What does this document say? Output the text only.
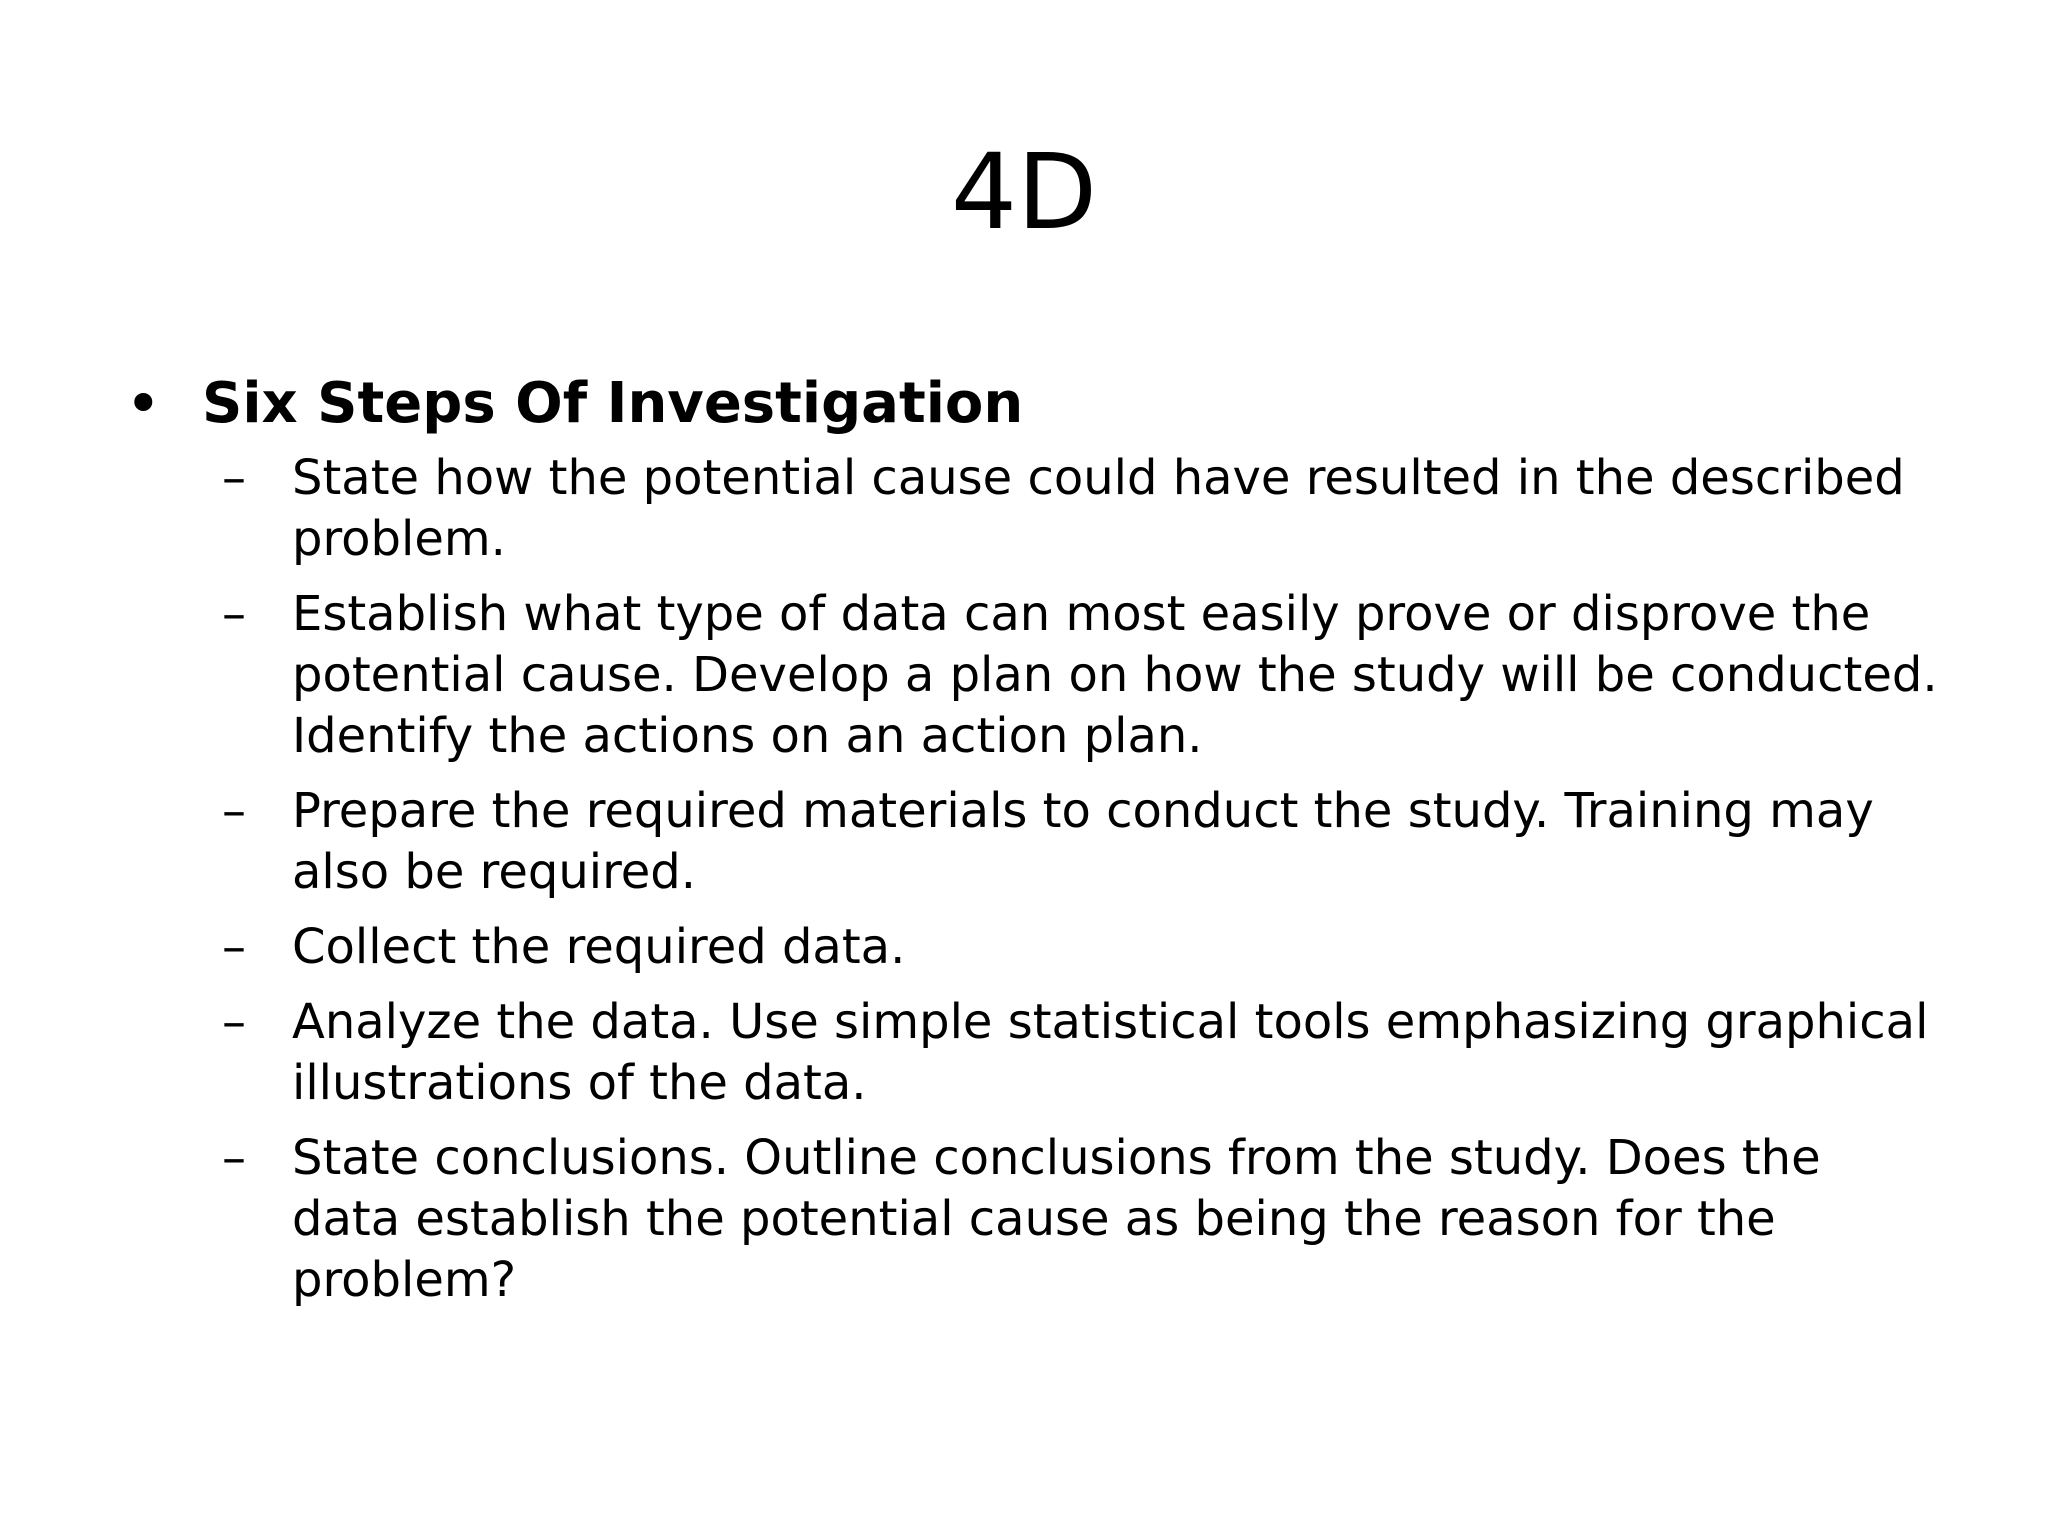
4D
• Six Steps Of Investigation
– State how the potential cause could have resulted in the described problem.
– Establish what type of data can most easily prove or disprove the potential cause. Develop a plan on how the study will be conducted. Identify the actions on an action plan.
– Prepare the required materials to conduct the study. Training may also be required.
– Collect the required data.
– Analyze the data. Use simple statistical tools emphasizing graphical illustrations of the data.
– State conclusions. Outline conclusions from the study. Does the data establish the potential cause as being the reason for the problem?
